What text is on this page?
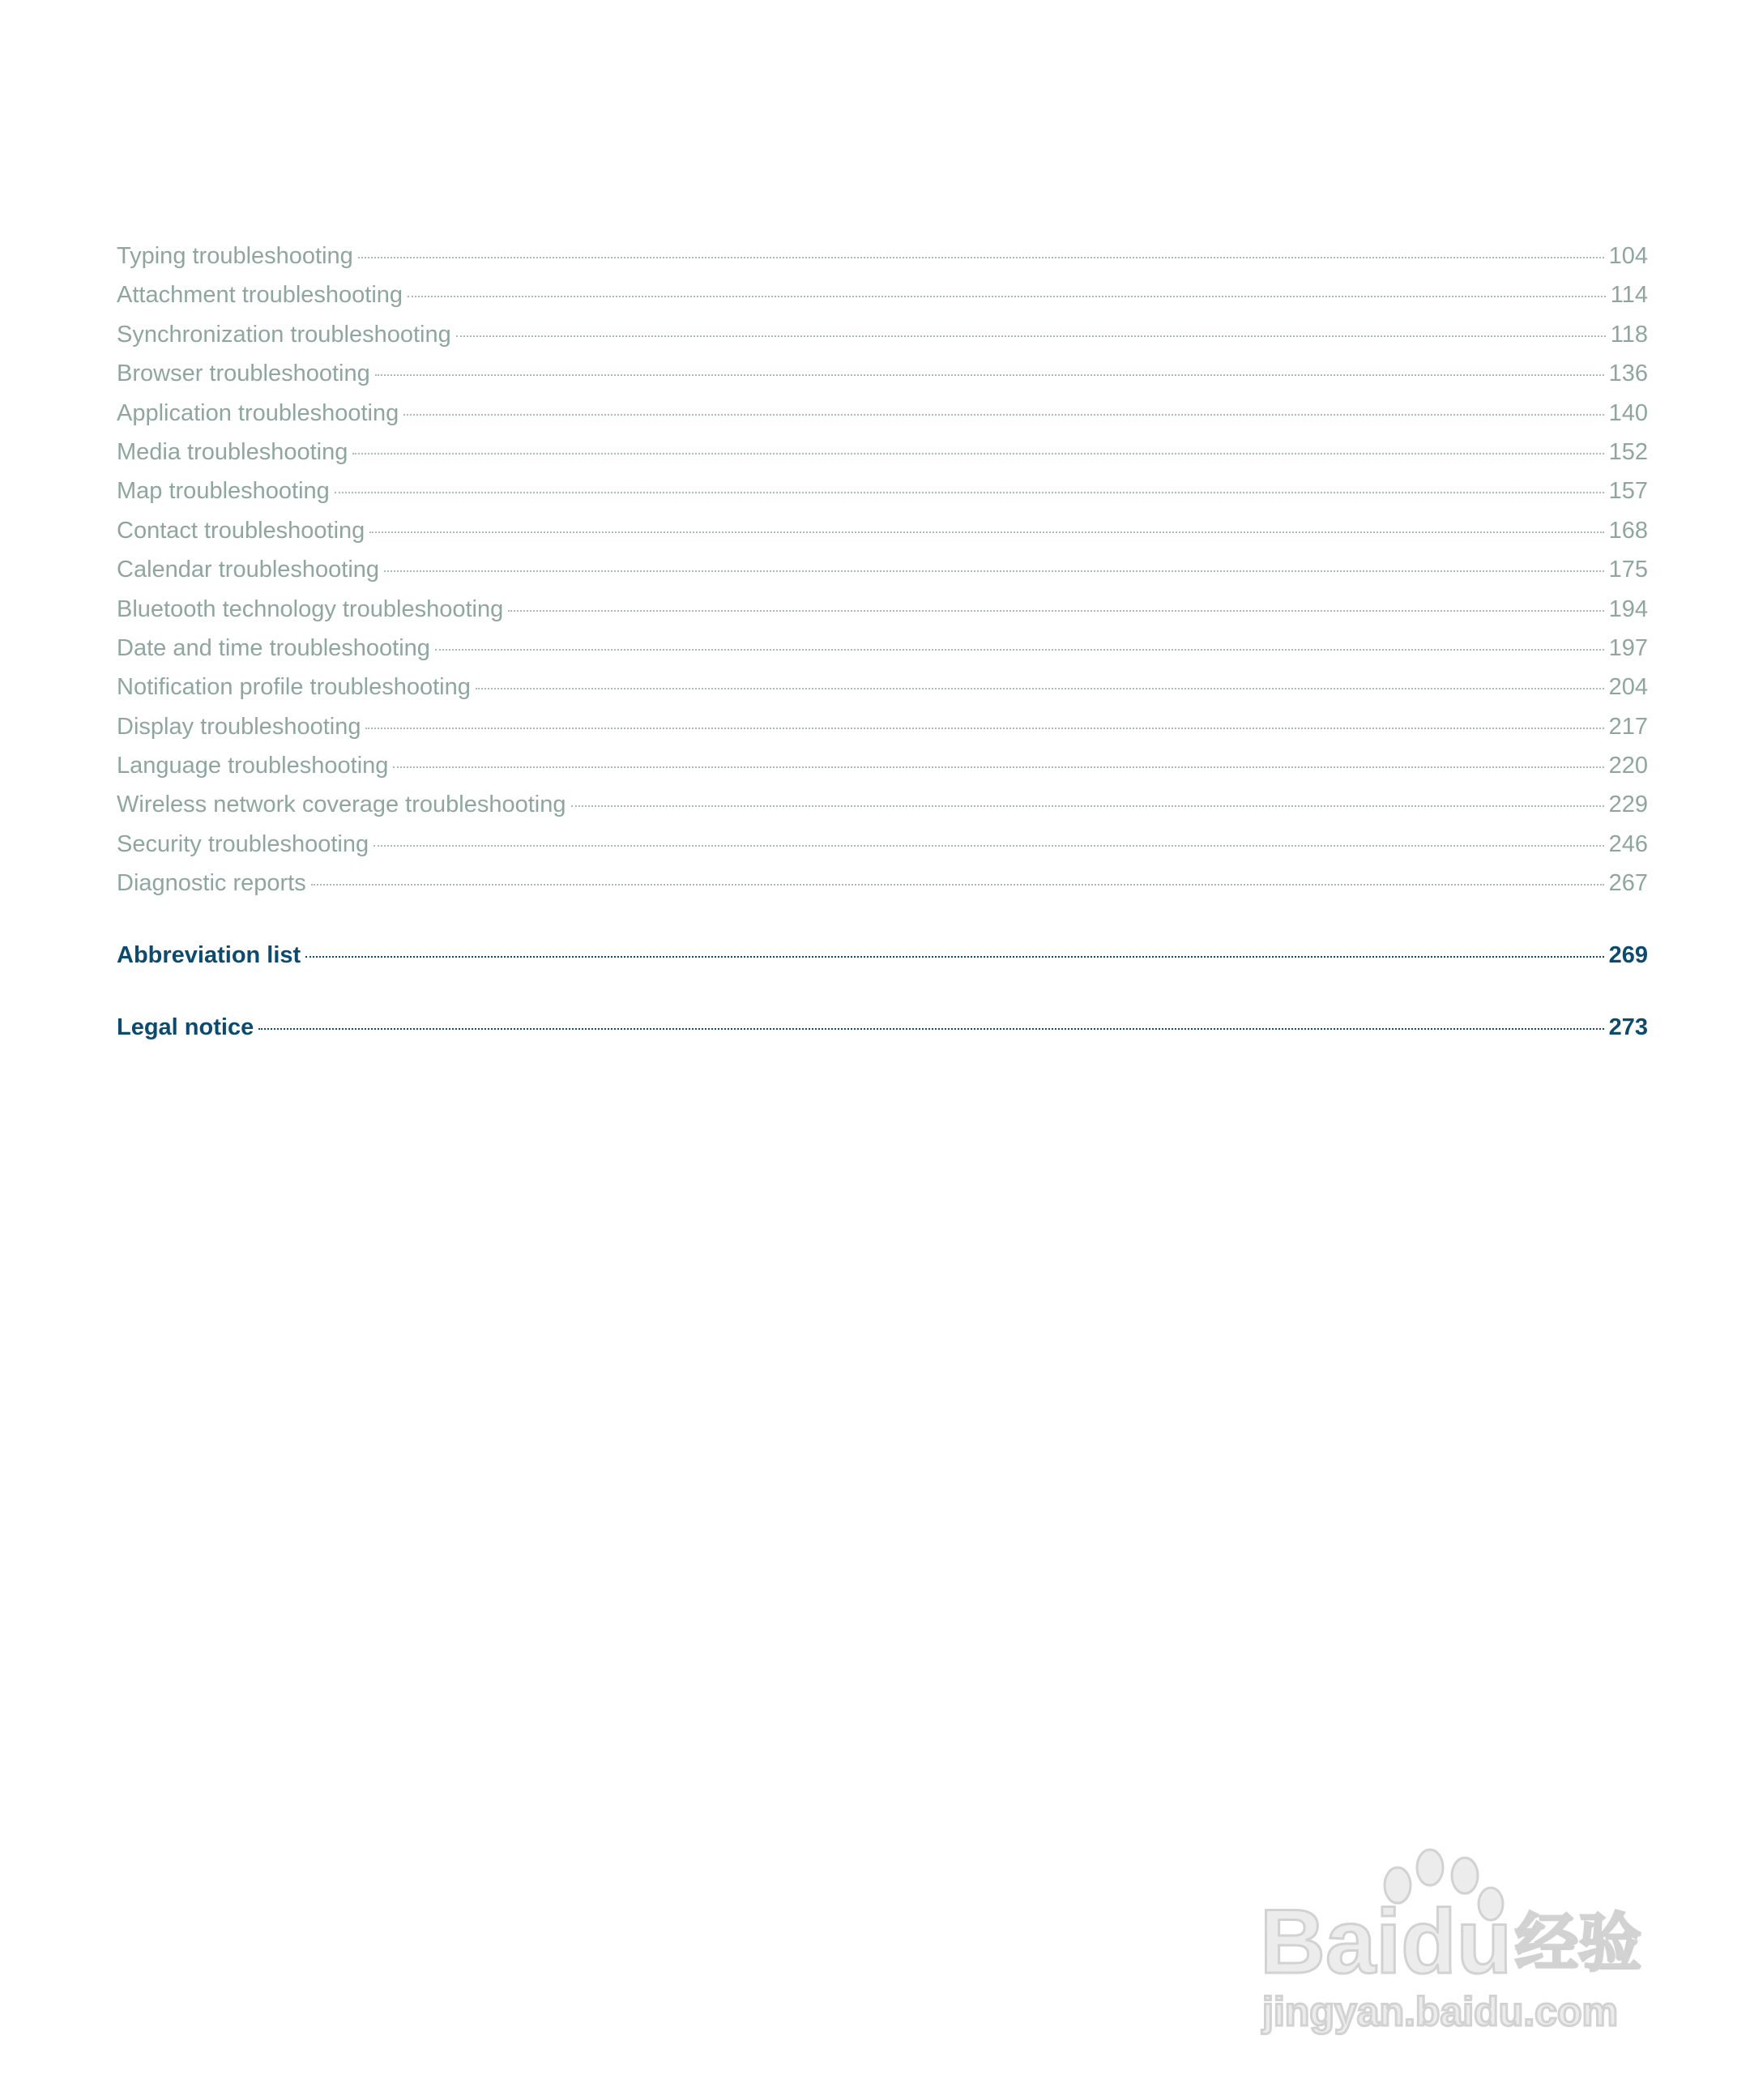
Typing troubleshooting	104
Attachment troubleshooting	114
Synchronization troubleshooting	118
Browser troubleshooting	136
Application troubleshooting	140
Media troubleshooting	152
Map troubleshooting	157
Contact troubleshooting	168
Calendar troubleshooting	175
Bluetooth technology troubleshooting	194
Date and time troubleshooting	197
Notification profile troubleshooting	204
Display troubleshooting	217
Language troubleshooting	220
Wireless network coverage troubleshooting	229
Security troubleshooting	246
Diagnostic reports	267
Abbreviation list	269
Legal notice	273
Baidu 经验
jingyan.baidu.com
